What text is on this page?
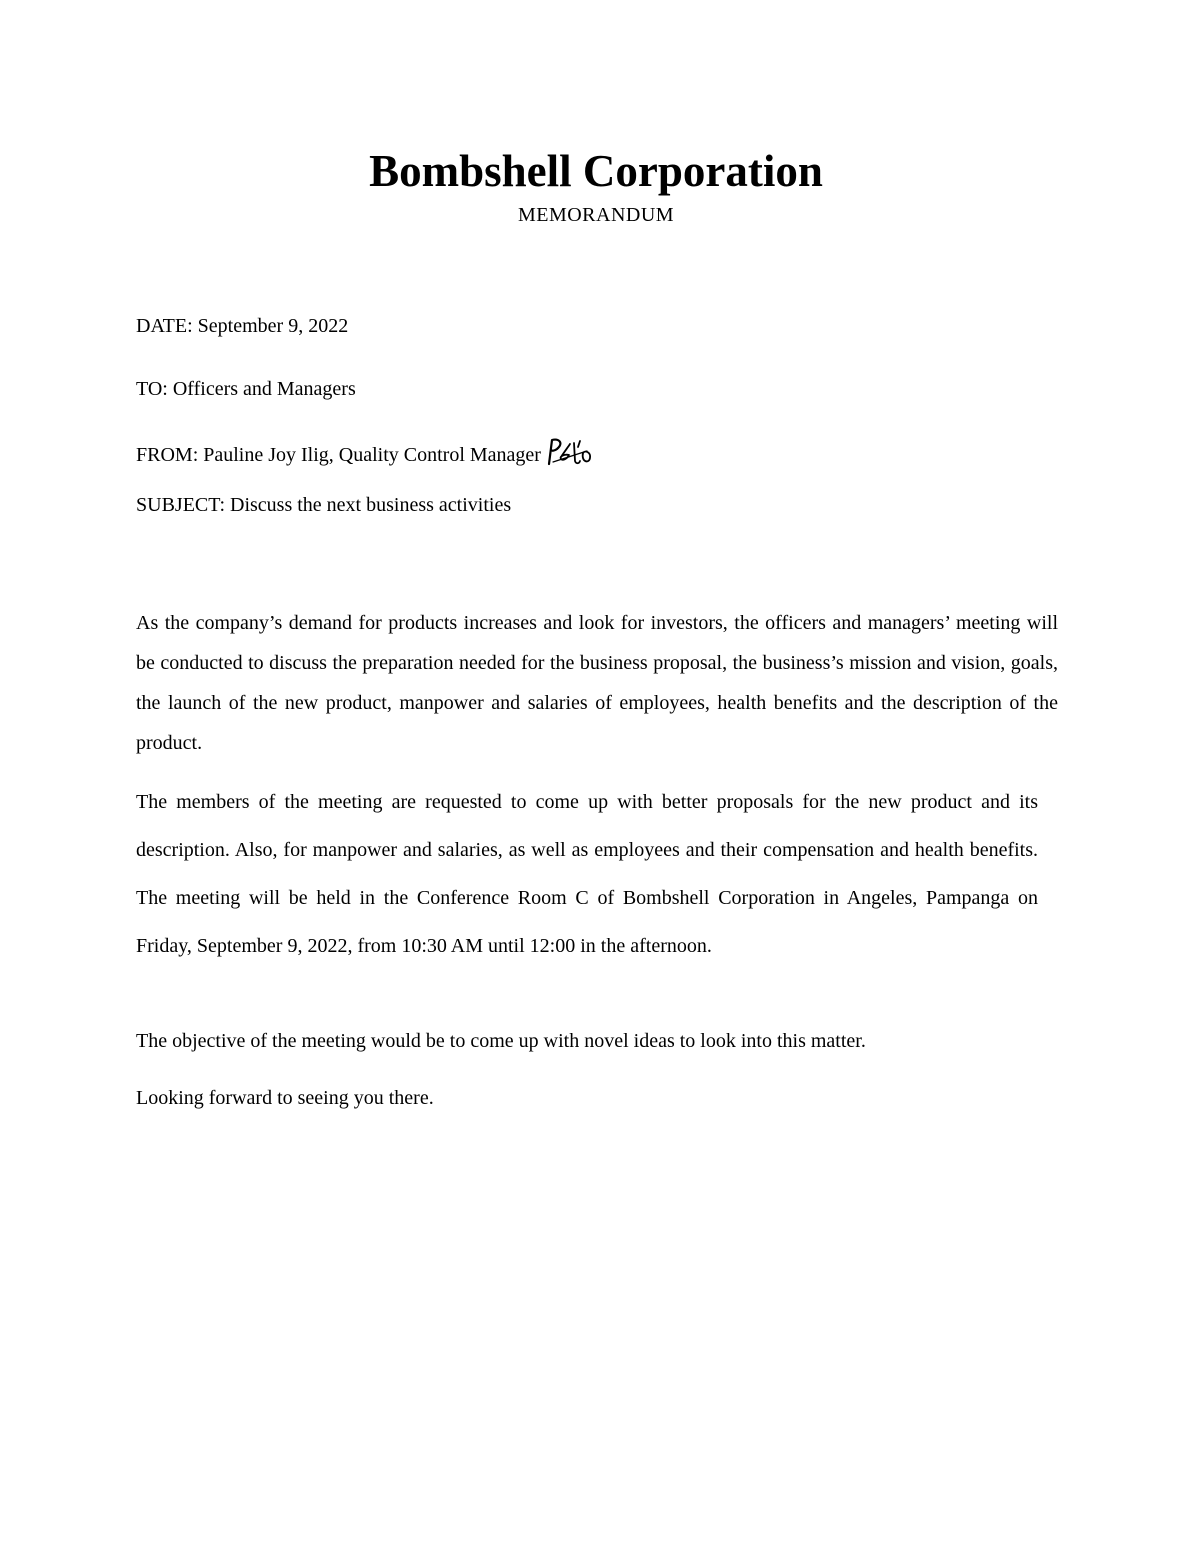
Bombshell Corporation
MEMORANDUM
DATE: September 9, 2022
TO: Officers and Managers
FROM: Pauline Joy Ilig, Quality Control Manager
SUBJECT: Discuss the next business activities

As the company’s demand for products increases and look for investors, the officers and managers’ meeting will be conducted to discuss the preparation needed for the business proposal, the business’s mission and vision, goals, the launch of the new product, manpower and salaries of employees, health benefits and the description of the product.

The members of the meeting are requested to come up with better proposals for the new product and its description. Also, for manpower and salaries, as well as employees and their compensation and health benefits. The meeting will be held in the Conference Room C of Bombshell Corporation in Angeles, Pampanga on Friday, September 9, 2022, from 10:30 AM until 12:00 in the afternoon.

The objective of the meeting would be to come up with novel ideas to look into this matter.

Looking forward to seeing you there.
